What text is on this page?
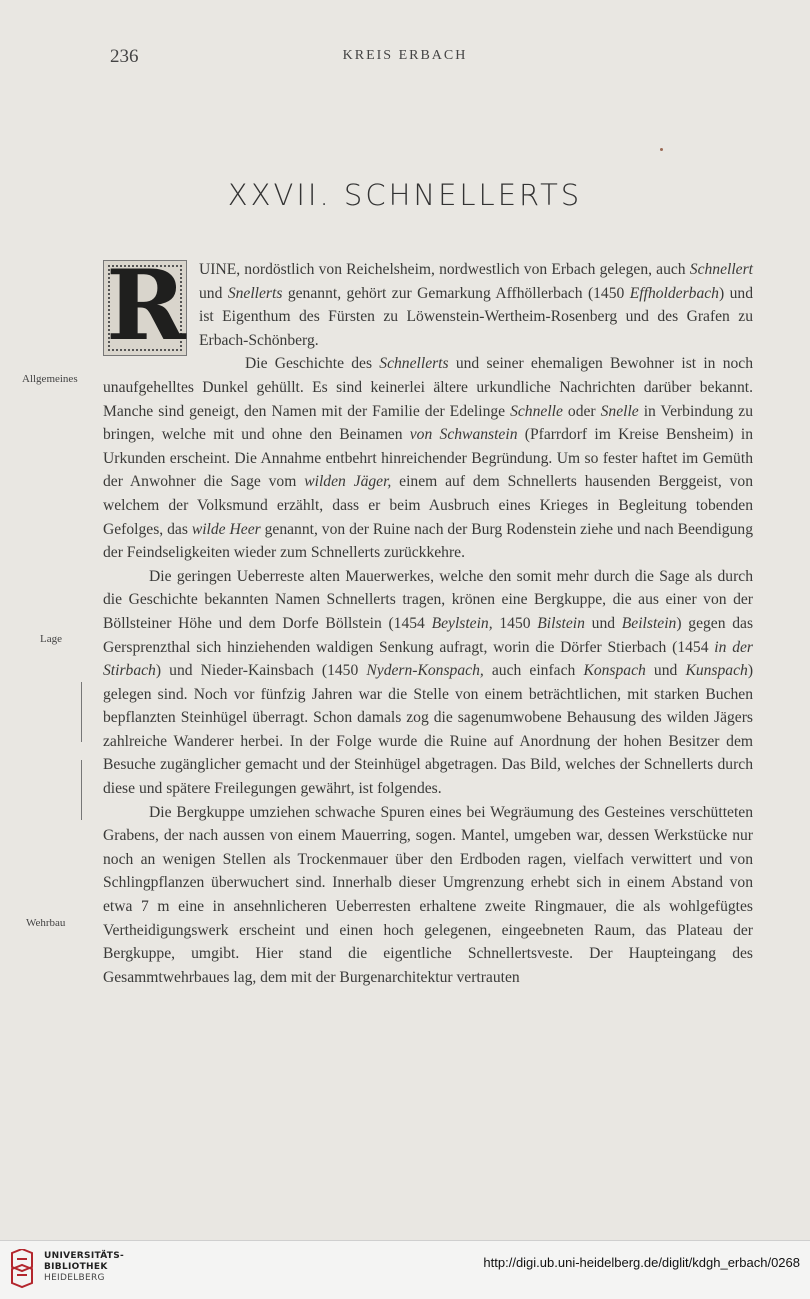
236	KREIS ERBACH
XXVII. SCHNELLERTS
Allgemeines
Lage
Wehrbau

R UINE, nordöstlich von Reichelsheim, nordwestlich von Erbach gelegen, auch Schnellert und Snellerts genannt, gehört zur Gemarkung Affhöllerbach (1450 Effholderbach) und ist Eigenthum des Fürsten zu Löwenstein-Wertheim-Rosenberg und des Grafen zu Erbach-Schönberg.

Die Geschichte des Schnellerts und seiner ehemaligen Bewohner ist in noch unaufgehelltes Dunkel gehüllt. Es sind keinerlei ältere urkundliche Nachrichten darüber bekannt. Manche sind geneigt, den Namen mit der Familie der Edelinge Schnelle oder Snelle in Verbindung zu bringen, welche mit und ohne den Beinamen von Schwanstein (Pfarrdorf im Kreise Bensheim) in Urkunden erscheint. Die Annahme entbehrt hinreichender Begründung. Um so fester haftet im Gemüth der Anwohner die Sage vom wilden Jäger, einem auf dem Schnellerts hausenden Berggeist, von welchem der Volksmund erzählt, dass er beim Ausbruch eines Krieges in Begleitung tobenden Gefolges, das wilde Heer genannt, von der Ruine nach der Burg Rodenstein ziehe und nach Beendigung der Feindseligkeiten wieder zum Schnellerts zurückkehre.

Die geringen Ueberreste alten Mauerwerkes, welche den somit mehr durch die Sage als durch die Geschichte bekannten Namen Schnellerts tragen, krönen eine Bergkuppe, die aus einer von der Böllsteiner Höhe und dem Dorfe Böllstein (1454 Beylstein, 1450 Bilstein und Beilstein) gegen das Gersprenzthal sich hinziehenden waldigen Senkung aufragt, worin die Dörfer Stierbach (1454 in der Stirbach) und Nieder-Kainsbach (1450 Nydern-Konspach, auch einfach Konspach und Kunspach) gelegen sind. Noch vor fünfzig Jahren war die Stelle von einem beträchtlichen, mit starken Buchen bepflanzten Steinhügel überragt. Schon damals zog die sagenumwobene Behausung des wilden Jägers zahlreiche Wanderer herbei. In der Folge wurde die Ruine auf Anordnung der hohen Besitzer dem Besuche zugänglicher gemacht und der Steinhügel abgetragen. Das Bild, welches der Schnellerts durch diese und spätere Freilegungen gewährt, ist folgendes.

Die Bergkuppe umziehen schwache Spuren eines bei Wegräumung des Gesteines verschütteten Grabens, der nach aussen von einem Mauerring, sogen. Mantel, umgeben war, dessen Werkstücke nur noch an wenigen Stellen als Trockenmauer über den Erdboden ragen, vielfach verwittert und von Schlingpflanzen überwuchert sind. Innerhalb dieser Umgrenzung erhebt sich in einem Abstand von etwa 7 m eine in ansehnlicheren Ueberresten erhaltene zweite Ringmauer, die als wohlgefügtes Vertheidigungswerk erscheint und einen hoch gelegenen, eingeebneten Raum, das Plateau der Bergkuppe, umgibt. Hier stand die eigentliche Schnellertsveste. Der Haupteingang des Gesammtwehrbaues lag, dem mit der Burgenarchitektur vertrauten

UNIVERSITÄTS-
BIBLIOTHEK
HEIDELBERG
http://digi.ub.uni-heidelberg.de/diglit/kdgh_erbach/0268
